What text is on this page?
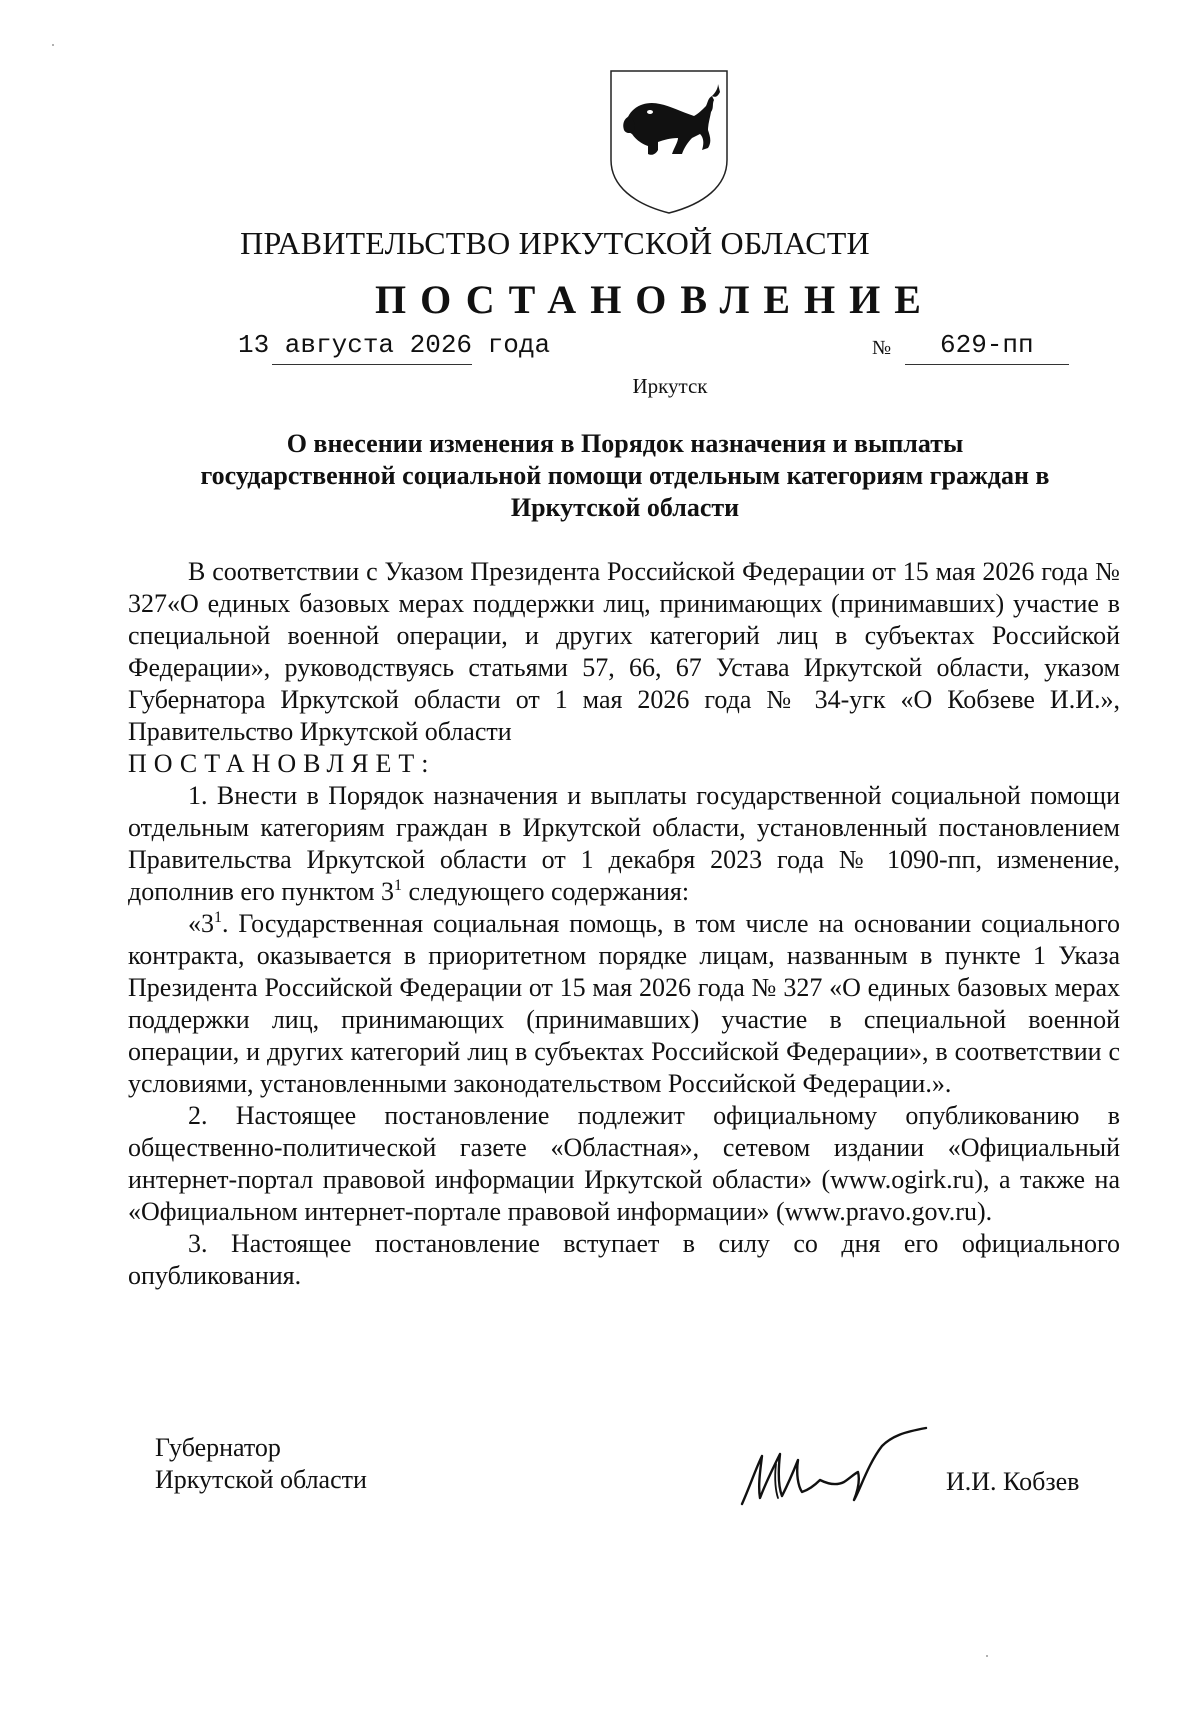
ПРАВИТЕЛЬСТВО ИРКУТСКОЙ ОБЛАСТИ
ПОСТАНОВЛЕНИЕ
13 августа 2026 года	№ 629-пп
Иркутск
О внесении изменения в Порядок назначения и выплаты
государственной социальной помощи отдельным категориям граждан в
Иркутской области

В соответствии с Указом Президента Российской Федерации от 15 мая 2026 года № 327«О единых базовых мерах поддержки лиц, принимающих (принимавших) участие в специальной военной операции, и других категорий лиц в субъектах Российской Федерации», руководствуясь статьями 57, 66, 67 Устава Иркутской области, указом Губернатора Иркутской области от 1 мая 2026 года № 34-угк «О Кобзеве И.И.», Правительство Иркутской области

ПОСТАНОВЛЯЕТ:

1. Внести в Порядок назначения и выплаты государственной социальной помощи отдельным категориям граждан в Иркутской области, установленный постановлением Правительства Иркутской области от 1 декабря 2023 года № 1090-пп, изменение, дополнив его пунктом $3^1$ следующего содержания:

«$3^1$. Государственная социальная помощь, в том числе на основании социального контракта, оказывается в приоритетном порядке лицам, названным в пункте 1 Указа Президента Российской Федерации от 15 мая 2026 года № 327 «О единых базовых мерах поддержки лиц, принимающих (принимавших) участие в специальной военной операции, и других категорий лиц в субъектах Российской Федерации», в соответствии с условиями, установленными законодательством Российской Федерации.».

2. Настоящее постановление подлежит официальному опубликованию в общественно-политической газете «Областная», сетевом издании «Официальный интернет-портал правовой информации Иркутской области» (www.ogirk.ru), а также на «Официальном интернет-портале правовой информации» (www.pravo.gov.ru).

3. Настоящее постановление вступает в силу со дня его официального опубликования.

Губернатор
Иркутской области	И.И. Кобзев
